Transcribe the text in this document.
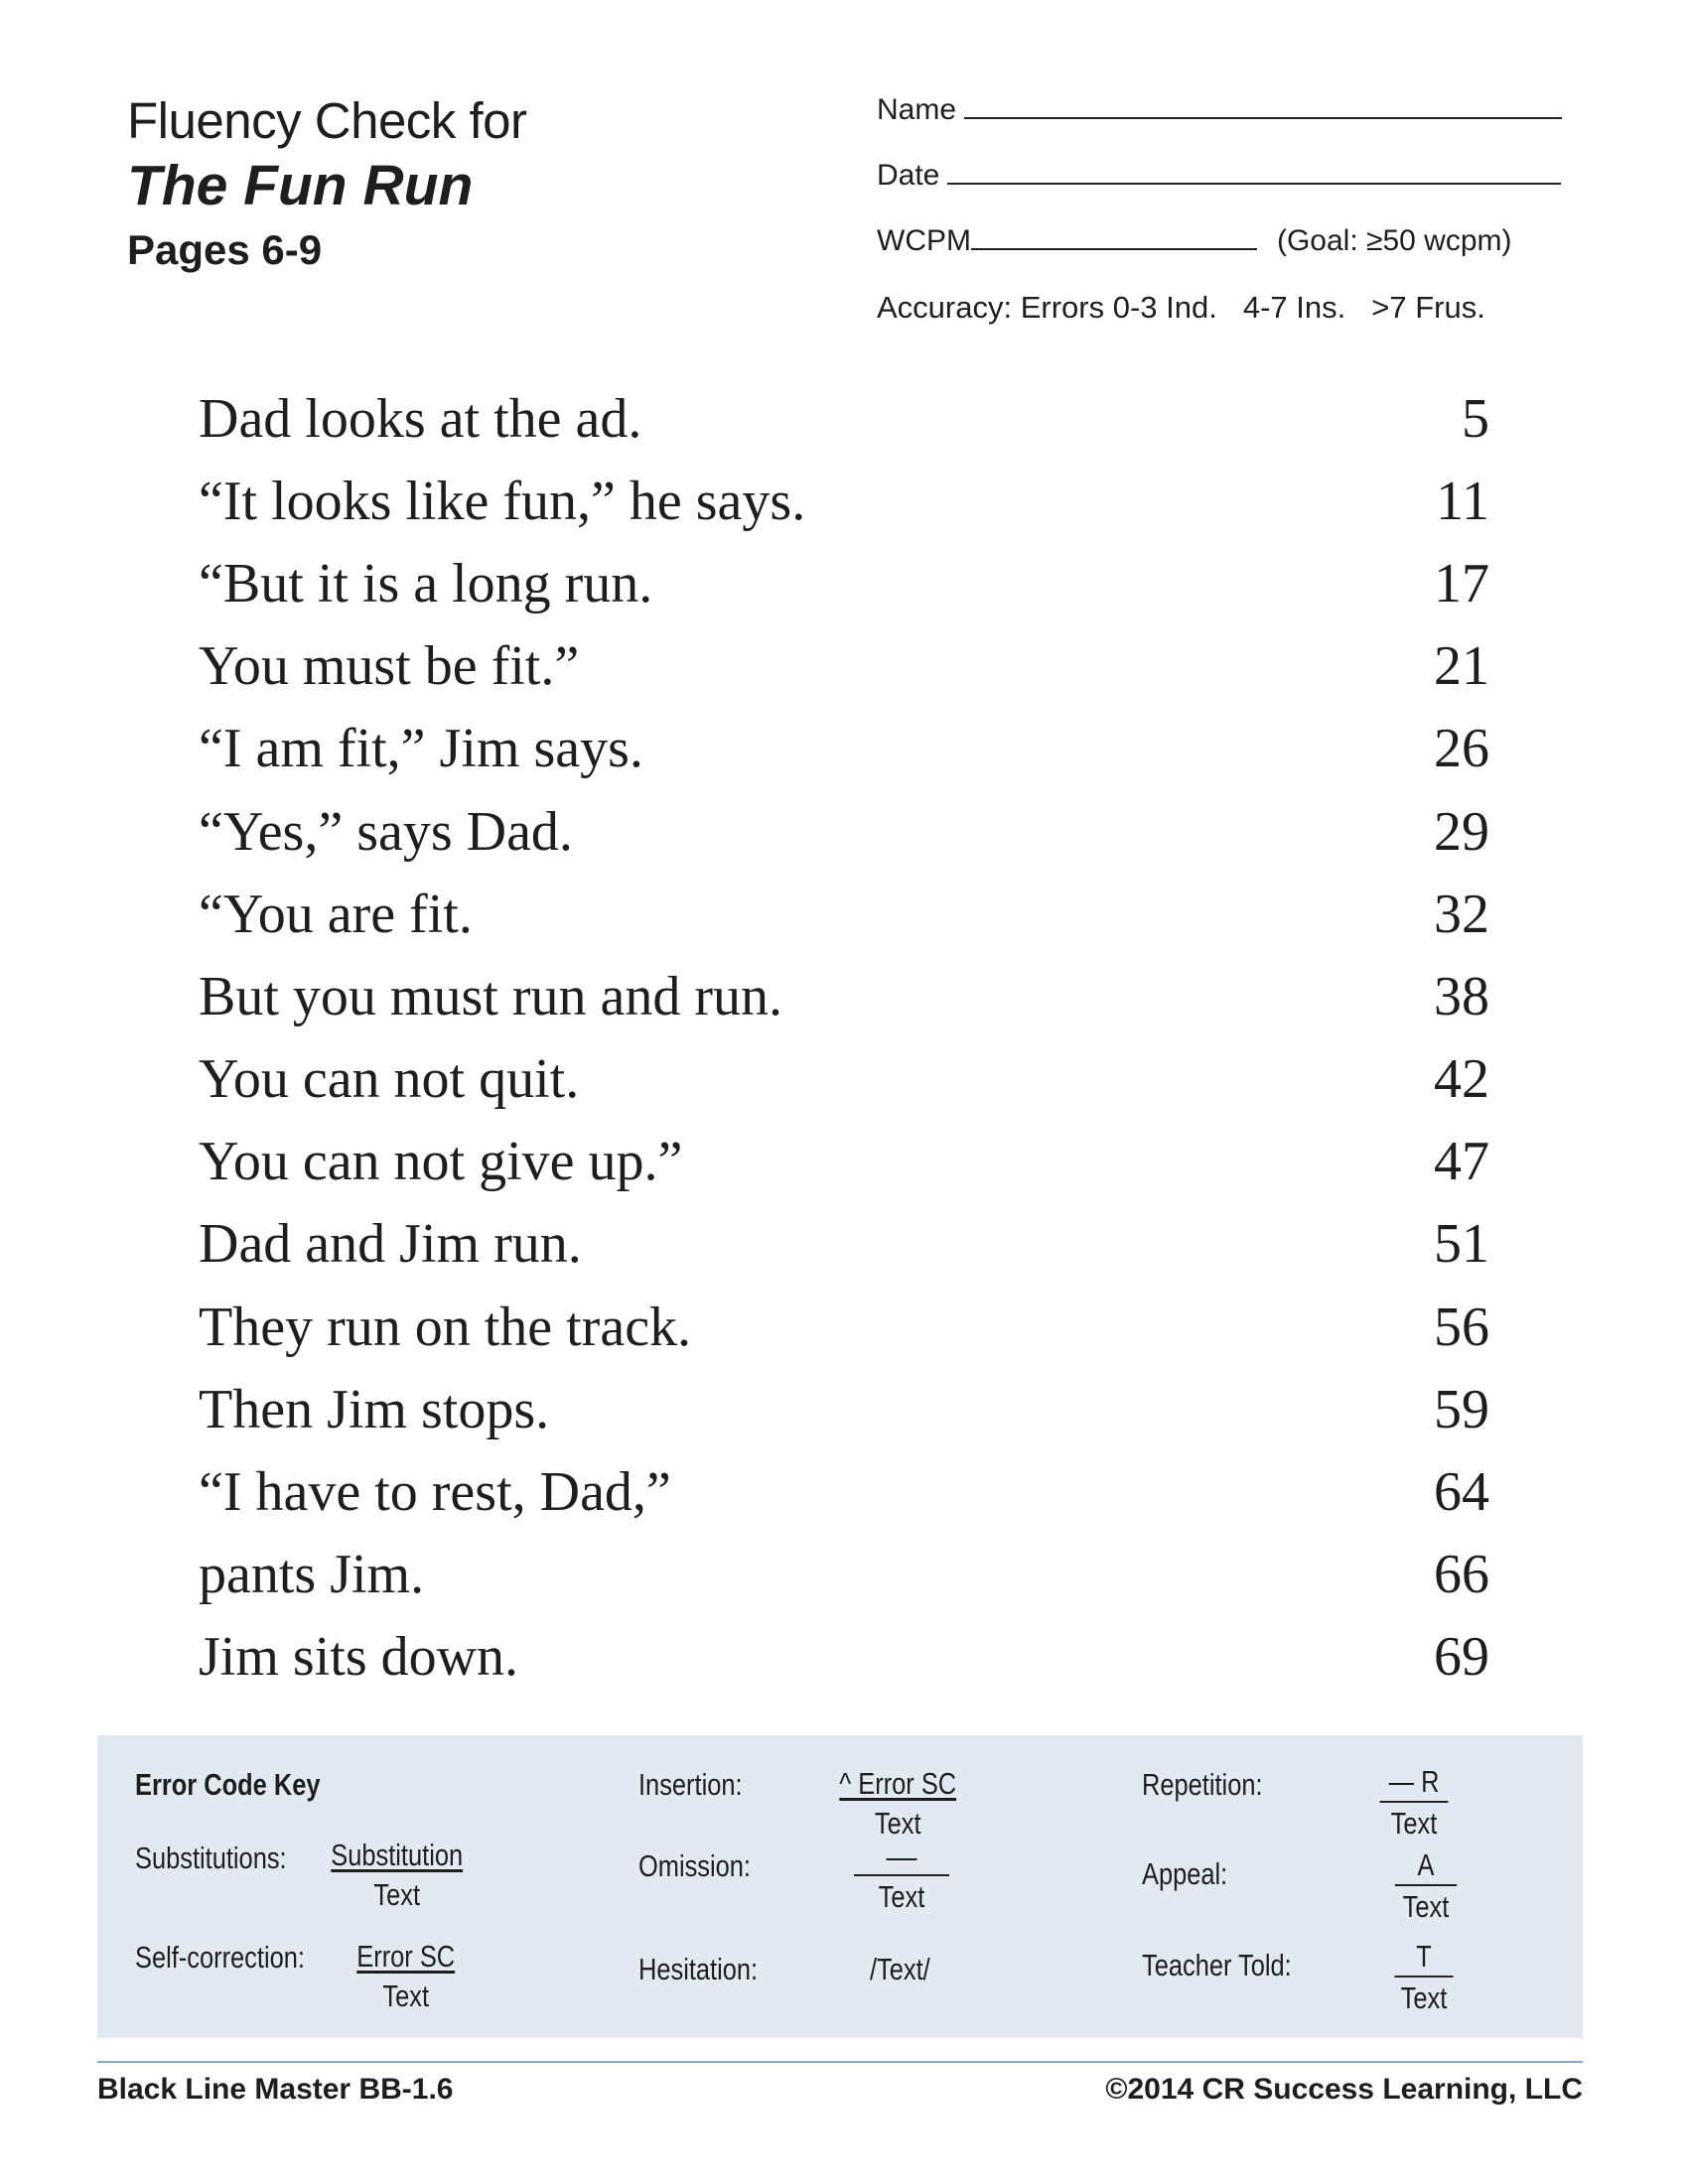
Fluency Check for
The Fun Run
Pages 6-9
Name
Date
WCPM	(Goal: ≥50 wcpm)
Accuracy: Errors 0-3 Ind. 4-7 Ins. >7 Frus.
Dad looks at the ad.	5
“It looks like fun,” he says.	11
“But it is a long run.	17
You must be fit.”	21
“I am fit,” Jim says.	26
“Yes,” says Dad.	29
“You are fit.	32
But you must run and run.	38
You can not quit.	42
You can not give up.”	47
Dad and Jim run.	51
They run on the track.	56
Then Jim stops.	59
“I have to rest, Dad,”	64
pants Jim.	66
Jim sits down.	69
Error Code Key
Substitutions: Substitution
Text
Self-correction: Error SC
Text
Insertion:	^ Error SC
Text
Omission:	—
Text
Hesitation:	/Text/
Repetition:	— R
Text
Appeal:	A
Text
Teacher Told:	T
Text
Black Line Master BB-1.6	©2014 CR Success Learning, LLC
